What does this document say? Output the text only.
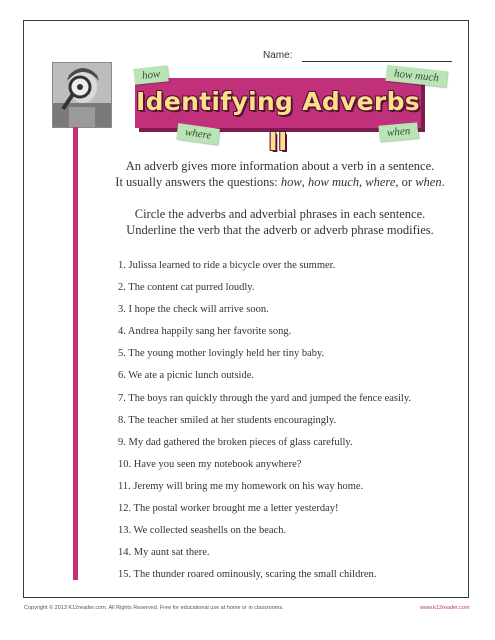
Name:
Identifying Adverbs II
how	how much
where	when

An adverb gives more information about a verb in a sentence.

It usually answers the questions: how, how much, where, or when.

Circle the adverbs and adverbial phrases in each sentence.

Underline the verb that the adverb or adverb phrase modifies.

1. Julissa learned to ride a bicycle over the summer.
2. The content cat purred loudly.
3. I hope the check will arrive soon.
4. Andrea happily sang her favorite song.
5. The young mother lovingly held her tiny baby.
6. We ate a picnic lunch outside.
7. The boys ran quickly through the yard and jumped the fence easily.
8. The teacher smiled at her students encouragingly.
9. My dad gathered the broken pieces of glass carefully.
10. Have you seen my notebook anywhere?
11. Jeremy will bring me my homework on his way home.
12. The postal worker brought me a letter yesterday!
13. We collected seashells on the beach.
14. My aunt sat there.
15. The thunder roared ominously, scaring the small children.
Copyright © 2013 K12reader.com. All Rights Reserved. Free for educational use at home or in classrooms.	www.k12reader.com
